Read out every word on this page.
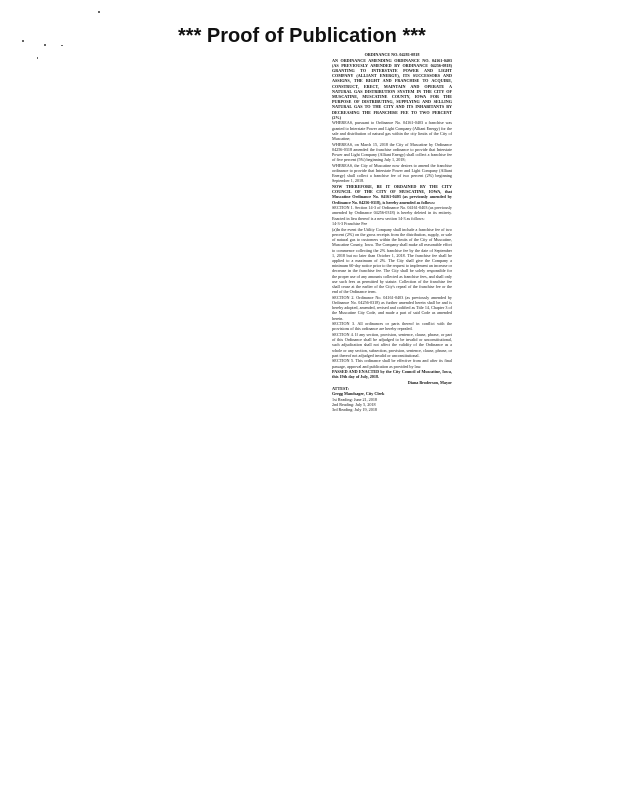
*** Proof of Publication ***

ORDINANCE NO. 04281-0818

AN ORDINANCE AMENDING ORDINANCE NO. 04161-0403 (AS PREVIOUSLY AMENDED BY ORDINANCE 04256-0818) GRANTING TO INTERSTATE POWER AND LIGHT COMPANY (ALLIANT ENERGY), ITS SUCCESSORS AND ASSIGNS, THE RIGHT AND FRANCHISE TO ACQUIRE, CONSTRUCT, ERECT, MAINTAIN AND OPERATE A NATURAL GAS DISTRIBUTION SYSTEM IN THE CITY OF MUSCATINE, MUSCATINE COUNTY, IOWA FOR THE PURPOSE OF DISTRIBUTING, SUPPLYING AND SELLING NATURAL GAS TO THE CITY AND ITS INHABITANTS BY DECREASING THE FRANCHISE FEE TO TWO PERCENT (2%)

WHEREAS, pursuant to Ordinance No. 04161-0403 a franchise was granted to Interstate Power and Light Company (Alliant Energy) for the sale and distribution of natural gas within the city limits of the City of Muscatine;

WHEREAS, on March 15, 2018 the City of Muscatine by Ordinance 04256-0318 amended the franchise ordinance to provide that Interstate Power and Light Company (Alliant Energy) shall collect a franchise fee of five percent (5%) beginning July 1, 2018;

WHEREAS, the City of Muscatine now desires to amend the franchise ordinance to provide that Interstate Power and Light Company (Alliant Energy) shall collect a franchise fee of two percent (2%) beginning September 1, 2018.

NOW THEREFORE, BE IT ORDAINED BY THE CITY COUNCIL OF THE CITY OF MUSCATINE, IOWA, that Muscatine Ordinance No. 04161-0403 (as previously amended by Ordinance No. 04256-0318), is hereby amended as follows:

SECTION 1. Section 14-3 of Ordinance No. 04161-0403 (as previously amended by Ordinance 04256-0318) is hereby deleted in its entirety. Enacted in lieu thereof is a new section 14-3 as follows:

14-3-3 Franchise Fee

(a)In the event the Utility Company shall include a franchise fee of two percent (2%) on the gross receipts from the distribution, supply, or sale of natural gas to customers within the limits of the City of Muscatine, Muscatine County, Iowa. The Company shall make all reasonable effort to commence collecting the 2% franchise fee by the date of September 1, 2018 but no later than October 1, 2018. The franchise fee shall be applied to a maximum of 2%. The City shall give the Company a minimum 60-day notice prior to the request to implement an increase or decrease in the franchise fee. The City shall be solely responsible for the proper use of any amounts collected as franchise fees, and shall only use such fees as permitted by statute. Collection of the franchise fee shall cease at the earlier of the City's repeal of the franchise fee or the end of the Ordinance term.

SECTION 2. Ordinance No. 04161-0403 (as previously amended by Ordinance No. 04256-0318) as further amended herein shall be and is hereby adopted, amended, revised and codified as Title 14, Chapter 3 of the Muscatine City Code, and made a part of said Code as amended herein.

SECTION 3. All ordinances or parts thereof in conflict with the provisions of this ordinance are hereby repealed.

SECTION 4. If any section, provision, sentence, clause, phrase, or part of this Ordinance shall be adjudged to be invalid or unconstitutional, such adjudication shall not affect the validity of the Ordinance as a whole or any section, subsection, provision, sentence, clause, phrase, or part thereof not adjudged invalid or unconstitutional.

SECTION 5. This ordinance shall be effective from and after its final passage, approval and publication as provided by law.

PASSED AND ENACTED by the City Council of Muscatine, Iowa, this 19th day of July, 2018.

Diana Broderson, Mayor

ATTEST:

Gregg Mandsager, City Clerk

1st Reading: June 21, 2018

2nd Reading: July 5, 2018

3rd Reading: July 19, 2018
